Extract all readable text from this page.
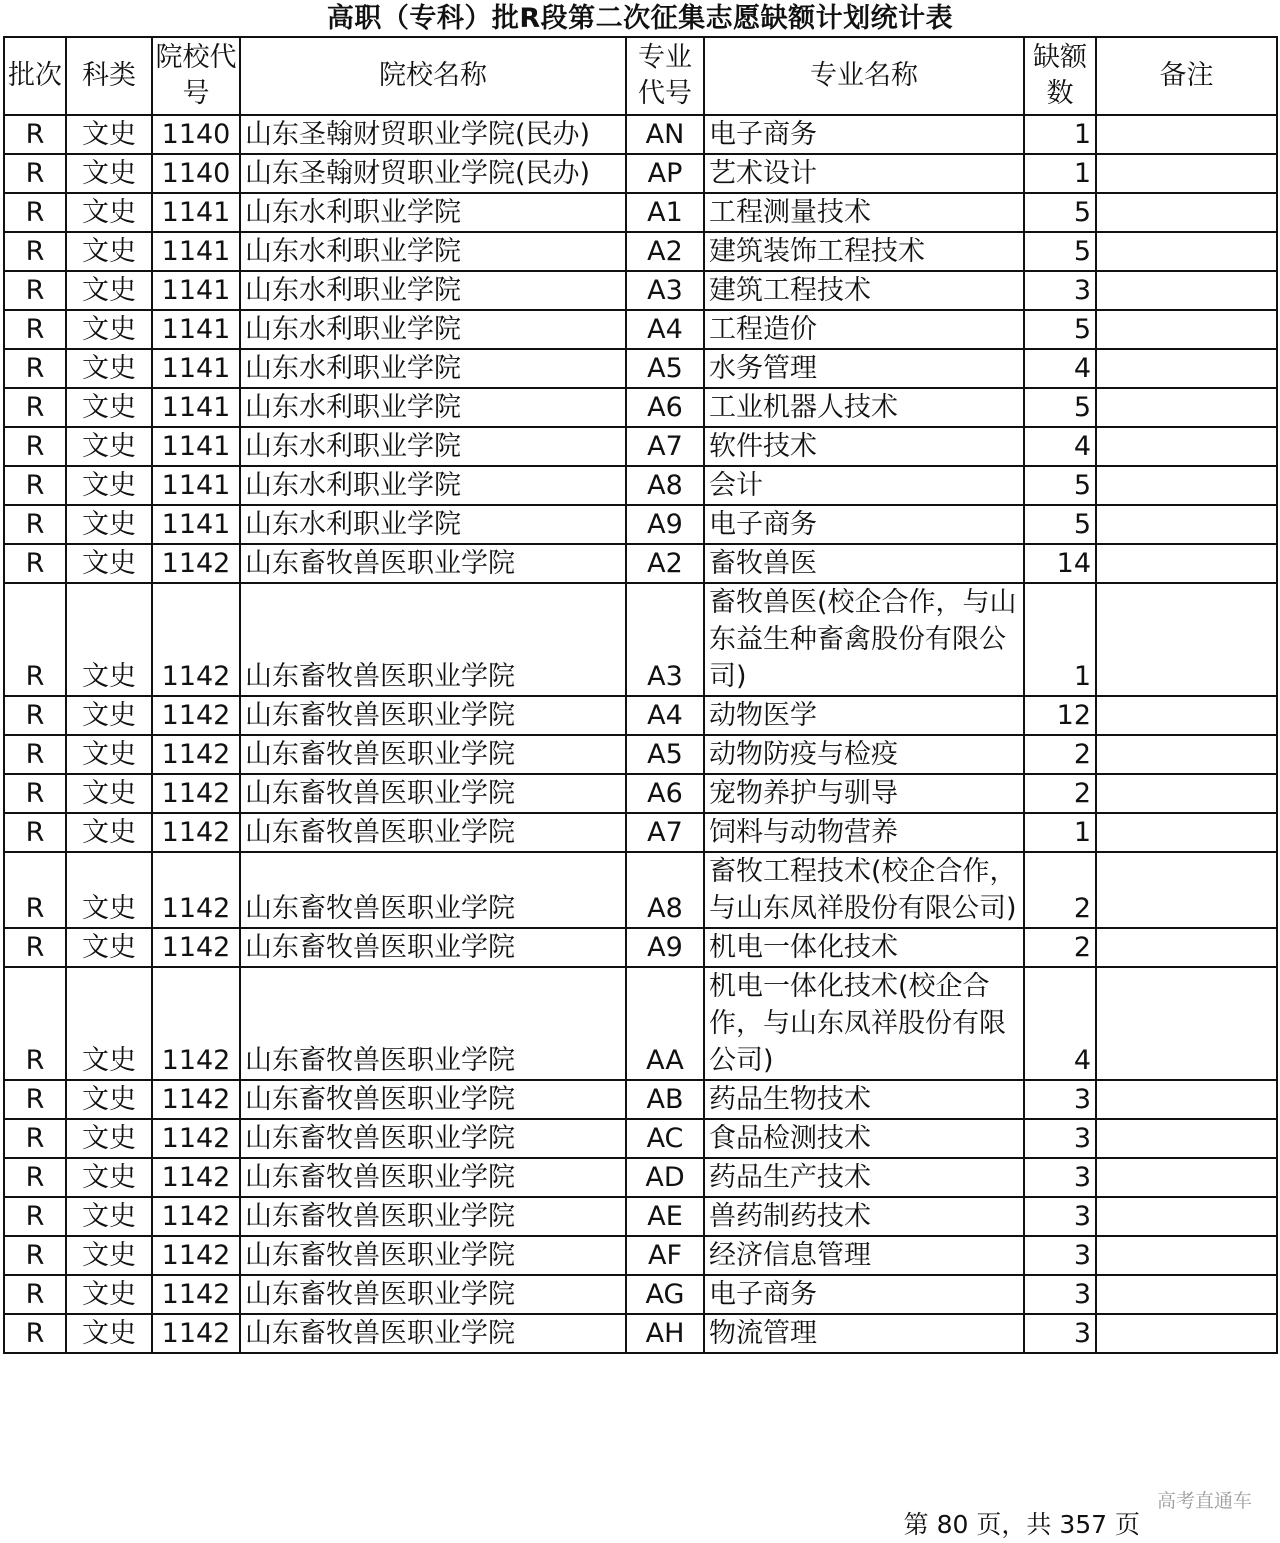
高职（专科）批R段第二次征集志愿缺额计划统计表
批次	科类	院校代号	院校名称	专业代号	专业名称	缺额数	备注
R	文史	1140	山东圣翰财贸职业学院(民办)	AN	电子商务	1	
R	文史	1140	山东圣翰财贸职业学院(民办)	AP	艺术设计	1	
R	文史	1141	山东水利职业学院	A1	工程测量技术	5	
R	文史	1141	山东水利职业学院	A2	建筑装饰工程技术	5	
R	文史	1141	山东水利职业学院	A3	建筑工程技术	3	
R	文史	1141	山东水利职业学院	A4	工程造价	5	
R	文史	1141	山东水利职业学院	A5	水务管理	4	
R	文史	1141	山东水利职业学院	A6	工业机器人技术	5	
R	文史	1141	山东水利职业学院	A7	软件技术	4	
R	文史	1141	山东水利职业学院	A8	会计	5	
R	文史	1141	山东水利职业学院	A9	电子商务	5	
R	文史	1142	山东畜牧兽医职业学院	A2	畜牧兽医	14	
R	文史	1142	山东畜牧兽医职业学院	A3	畜牧兽医(校企合作，与山东益生种畜禽股份有限公司)	1	
R	文史	1142	山东畜牧兽医职业学院	A4	动物医学	12	
R	文史	1142	山东畜牧兽医职业学院	A5	动物防疫与检疫	2	
R	文史	1142	山东畜牧兽医职业学院	A6	宠物养护与驯导	2	
R	文史	1142	山东畜牧兽医职业学院	A7	饲料与动物营养	1	
R	文史	1142	山东畜牧兽医职业学院	A8	畜牧工程技术(校企合作，与山东凤祥股份有限公司)	2	
R	文史	1142	山东畜牧兽医职业学院	A9	机电一体化技术	2	
R	文史	1142	山东畜牧兽医职业学院	AA	机电一体化技术(校企合作，与山东凤祥股份有限公司)	4	
R	文史	1142	山东畜牧兽医职业学院	AB	药品生物技术	3	
R	文史	1142	山东畜牧兽医职业学院	AC	食品检测技术	3	
R	文史	1142	山东畜牧兽医职业学院	AD	药品生产技术	3	
R	文史	1142	山东畜牧兽医职业学院	AE	兽药制药技术	3	
R	文史	1142	山东畜牧兽医职业学院	AF	经济信息管理	3	
R	文史	1142	山东畜牧兽医职业学院	AG	电子商务	3	
R	文史	1142	山东畜牧兽医职业学院	AH	物流管理	3	
第 80 页，共 357 页
高考直通车
